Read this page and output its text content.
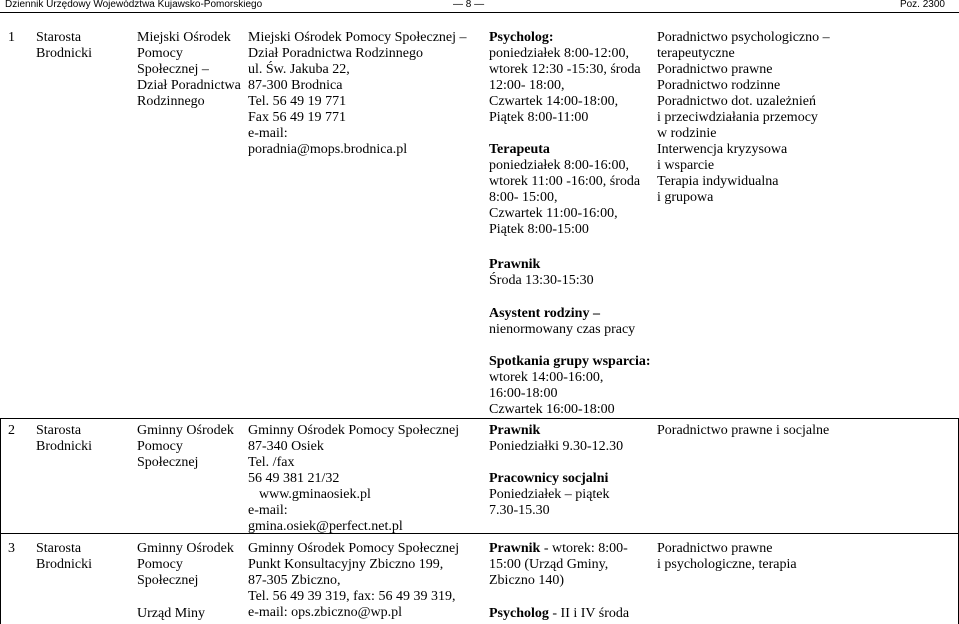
Dziennik Urzędowy Województwa Kujawsko-Pomorskiego	— 8 —	Poz. 2300
1 Starosta
Brodnicki
Miejski Ośrodek
Pomocy
Społecznej –
Dział Poradnictwa
Rodzinnego
Miejski Ośrodek Pomocy Społecznej –
Dział Poradnictwa Rodzinnego
ul. Św. Jakuba 22,
87-300 Brodnica
Tel. 56 49 19 771
Fax 56 49 19 771
e-mail:
poradnia@mops.brodnica.pl
Psycholog:
poniedziałek 8:00-12:00,
wtorek 12:30 -15:30, środa
12:00- 18:00,
Czwartek 14:00-18:00,
Piątek 8:00-11:00
Terapeuta
poniedziałek 8:00-16:00,
wtorek 11:00 -16:00, środa
8:00- 15:00,
Czwartek 11:00-16:00,
Piątek 8:00-15:00
Prawnik
Środa 13:30-15:30
Asystent rodziny –
nienormowany czas pracy
Spotkania grupy wsparcia:
wtorek 14:00-16:00,
16:00-18:00
Czwartek 16:00-18:00
Poradnictwo psychologiczno –
terapeutyczne
Poradnictwo prawne
Poradnictwo rodzinne
Poradnictwo dot. uzależnień
i przeciwdziałania przemocy
w rodzinie
Interwencja kryzysowa
i wsparcie
Terapia indywidualna
i grupowa
2 Starosta
Brodnicki
Gminny Ośrodek
Pomocy
Społecznej
Gminny Ośrodek Pomocy Społecznej
87-340 Osiek
Tel. /fax
56 49 381 21/32
www.gminaosiek.pl
e-mail:
gmina.osiek@perfect.net.pl
Prawnik
Poniedziałki 9.30-12.30
Pracownicy socjalni
Poniedziałek – piątek
7.30-15.30
Poradnictwo prawne i socjalne
3 Starosta
Brodnicki
Gminny Ośrodek
Pomocy
Społecznej
Urząd Miny
Gminny Ośrodek Pomocy Społecznej
Punkt Konsultacyjny Zbiczno 199,
87-305 Zbiczno,
Tel. 56 49 39 319, fax: 56 49 39 319,
e-mail: ops.zbiczno@wp.pl
Prawnik - wtorek: 8:00-
15:00 (Urząd Gminy,
Zbiczno 140)
Psycholog - II i IV środa
Poradnictwo prawne
i psychologiczne, terapia
